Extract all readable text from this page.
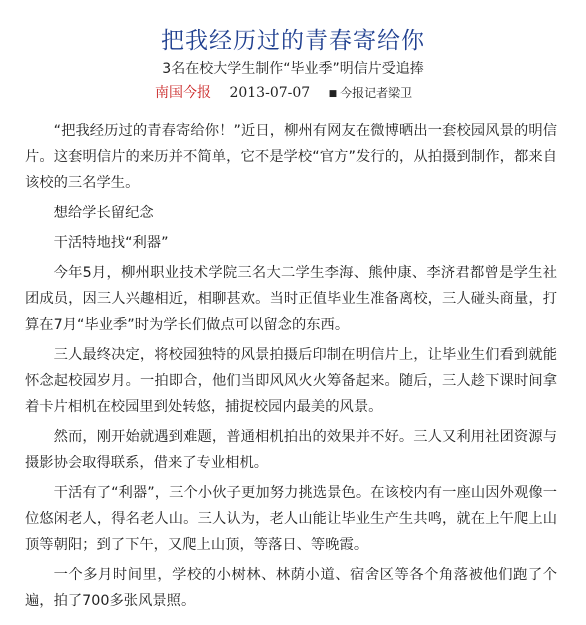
把我经历过的青春寄给你
3名在校大学生制作“毕业季”明信片受追捧
南国今报 2013-07-07 ■ 今报记者梁卫

“把我经历过的青春寄给你！”近日，柳州有网友在微博晒出一套校园风景的明信片。这套明信片的来历并不简单，它不是学校“官方”发行的，从拍摄到制作，都来自该校的三名学生。

想给学长留纪念

干活特地找“利器”

今年5月，柳州职业技术学院三名大二学生李海、熊仲康、李济君都曾是学生社团成员，因三人兴趣相近，相聊甚欢。当时正值毕业生准备离校，三人碰头商量，打算在7月“毕业季”时为学长们做点可以留念的东西。

三人最终决定，将校园独特的风景拍摄后印制在明信片上，让毕业生们看到就能怀念起校园岁月。一拍即合，他们当即风风火火筹备起来。随后，三人趁下课时间拿着卡片相机在校园里到处转悠，捕捉校园内最美的风景。

然而，刚开始就遇到难题，普通相机拍出的效果并不好。三人又利用社团资源与摄影协会取得联系，借来了专业相机。

干活有了“利器”，三个小伙子更加努力挑选景色。在该校内有一座山因外观像一位悠闲老人，得名老人山。三人认为，老人山能让毕业生产生共鸣，就在上午爬上山顶等朝阳；到了下午，又爬上山顶，等落日、等晚霞。

一个多月时间里，学校的小树林、林荫小道、宿舍区等各个角落被他们跑了个遍，拍了700多张风景照。
